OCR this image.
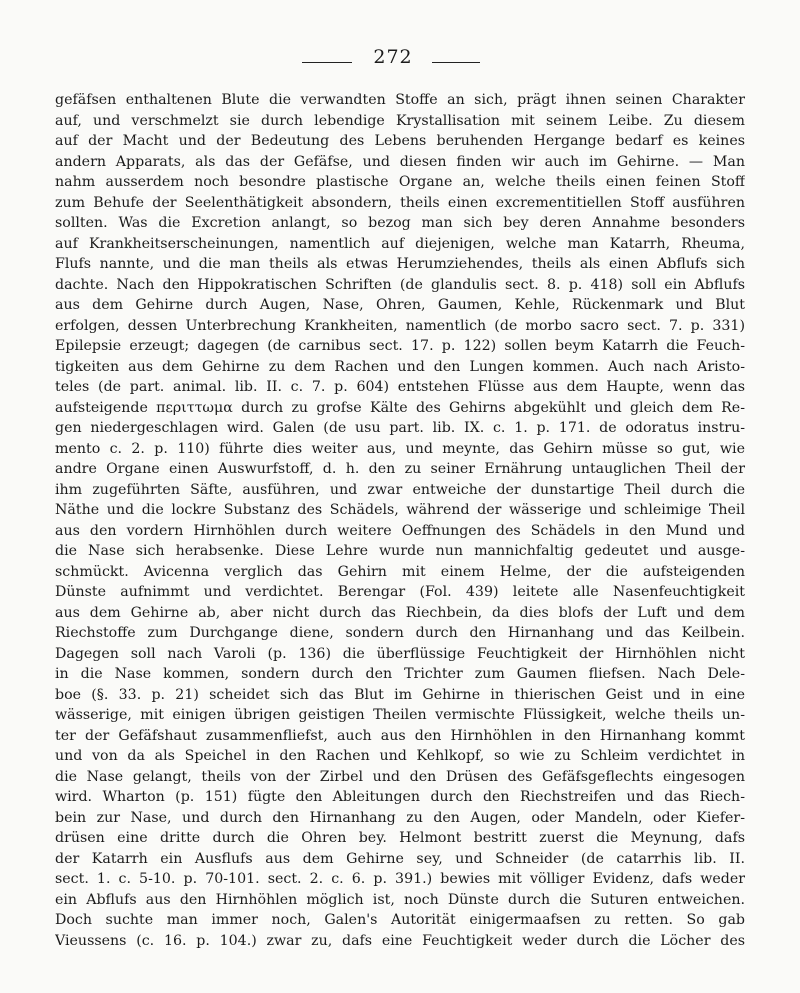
272
gefäfsen enthaltenen Blute die verwandten Stoffe an sich, prägt ihnen seinen Charakter
auf, und verschmelzt sie durch lebendige Krystallisation mit seinem Leibe. Zu diesem
auf der Macht und der Bedeutung des Lebens beruhenden Hergange bedarf es keines
andern Apparats, als das der Gefäfse, und diesen finden wir auch im Gehirne. — Man
nahm ausserdem noch besondre plastische Organe an, welche theils einen feinen Stoff
zum Behufe der Seelenthätigkeit absondern, theils einen excrementitiellen Stoff ausführen
sollten. Was die Excretion anlangt, so bezog man sich bey deren Annahme besonders
auf Krankheitserscheinungen, namentlich auf diejenigen, welche man Katarrh, Rheuma,
Flufs nannte, und die man theils als etwas Herumziehendes, theils als einen Abflufs sich
dachte. Nach den Hippokratischen Schriften (de glandulis sect. 8. p. 418) soll ein Abflufs
aus dem Gehirne durch Augen, Nase, Ohren, Gaumen, Kehle, Rückenmark und Blut
erfolgen, dessen Unterbrechung Krankheiten, namentlich (de morbo sacro sect. 7. p. 331)
Epilepsie erzeugt; dagegen (de carnibus sect. 17. p. 122) sollen beym Katarrh die Feuch-
tigkeiten aus dem Gehirne zu dem Rachen und den Lungen kommen. Auch nach Aristo-
teles (de part. animal. lib. II. c. 7. p. 604) entstehen Flüsse aus dem Haupte, wenn das
aufsteigende περιττωμα durch zu grofse Kälte des Gehirns abgekühlt und gleich dem Re-
gen niedergeschlagen wird. Galen (de usu part. lib. IX. c. 1. p. 171. de odoratus instru-
mento c. 2. p. 110) führte dies weiter aus, und meynte, das Gehirn müsse so gut, wie
andre Organe einen Auswurfstoff, d. h. den zu seiner Ernährung untauglichen Theil der
ihm zugeführten Säfte, ausführen, und zwar entweiche der dunstartige Theil durch die
Näthe und die lockre Substanz des Schädels, während der wässerige und schleimige Theil
aus den vordern Hirnhöhlen durch weitere Oeffnungen des Schädels in den Mund und
die Nase sich herabsenke. Diese Lehre wurde nun mannichfaltig gedeutet und ausge-
schmückt. Avicenna verglich das Gehirn mit einem Helme, der die aufsteigenden
Dünste aufnimmt und verdichtet. Berengar (Fol. 439) leitete alle Nasenfeuchtigkeit
aus dem Gehirne ab, aber nicht durch das Riechbein, da dies blofs der Luft und dem
Riechstoffe zum Durchgange diene, sondern durch den Hirnanhang und das Keilbein.
Dagegen soll nach Varoli (p. 136) die überflüssige Feuchtigkeit der Hirnhöhlen nicht
in die Nase kommen, sondern durch den Trichter zum Gaumen fliefsen. Nach Dele-
boe (§. 33. p. 21) scheidet sich das Blut im Gehirne in thierischen Geist und in eine
wässerige, mit einigen übrigen geistigen Theilen vermischte Flüssigkeit, welche theils un-
ter der Gefäfshaut zusammenfliefst, auch aus den Hirnhöhlen in den Hirnanhang kommt
und von da als Speichel in den Rachen und Kehlkopf, so wie zu Schleim verdichtet in
die Nase gelangt, theils von der Zirbel und den Drüsen des Gefäfsgeflechts eingesogen
wird. Wharton (p. 151) fügte den Ableitungen durch den Riechstreifen und das Riech-
bein zur Nase, und durch den Hirnanhang zu den Augen, oder Mandeln, oder Kiefer-
drüsen eine dritte durch die Ohren bey. Helmont bestritt zuerst die Meynung, dafs
der Katarrh ein Ausflufs aus dem Gehirne sey, und Schneider (de catarrhis lib. II.
sect. 1. c. 5-10. p. 70-101. sect. 2. c. 6. p. 391.) bewies mit völliger Evidenz, dafs weder
ein Abflufs aus den Hirnhöhlen möglich ist, noch Dünste durch die Suturen entweichen.
Doch suchte man immer noch, Galen's Autorität einigermaafsen zu retten. So gab
Vieussens (c. 16. p. 104.) zwar zu, dafs eine Feuchtigkeit weder durch die Löcher des
